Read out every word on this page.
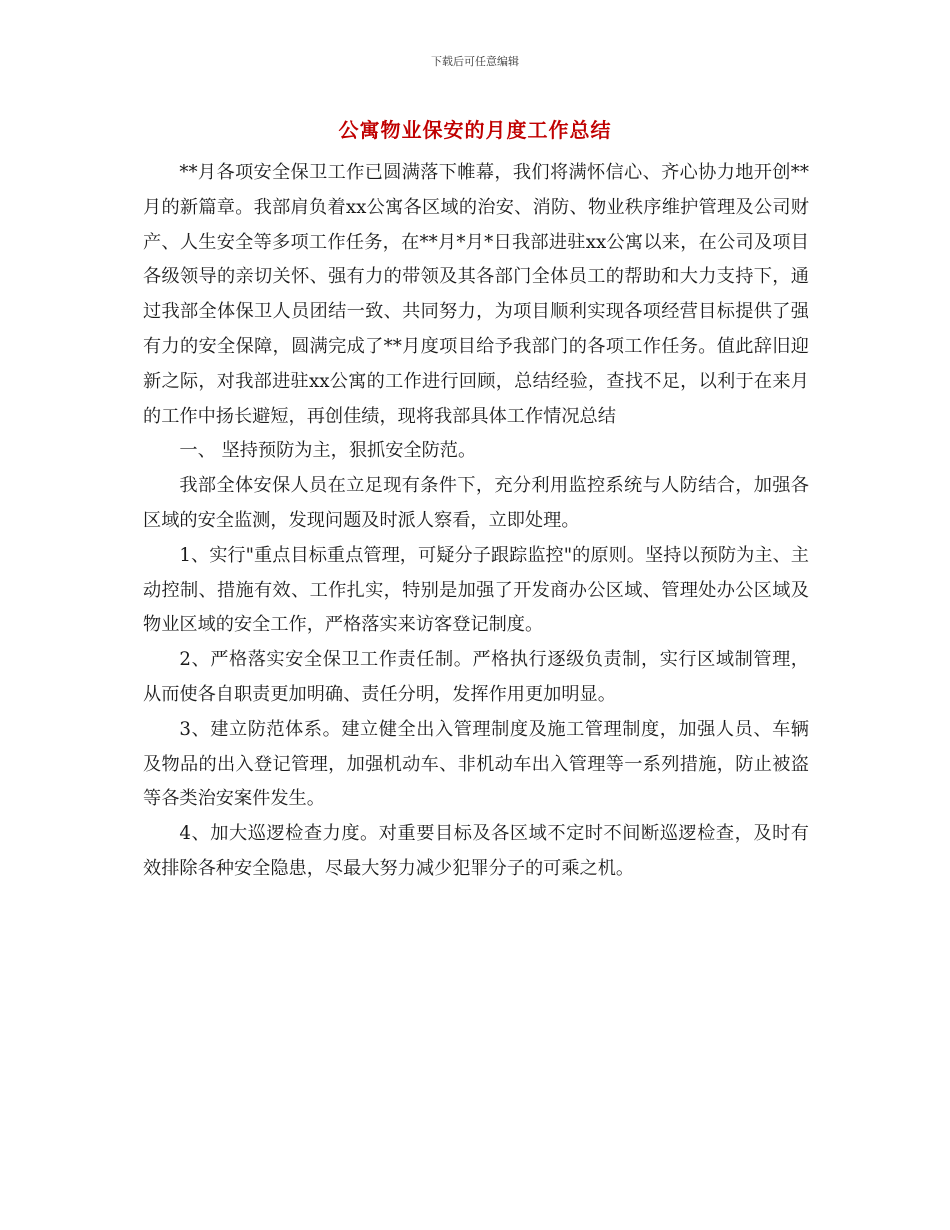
下载后可任意编辑
公寓物业保安的月度工作总结

**月各项安全保卫工作已圆满落下帷幕，我们将满怀信心、齐心协力地开创**月的新篇章。我部肩负着xx公寓各区域的治安、消防、物业秩序维护管理及公司财产、人生安全等多项工作任务，在**月*月*日我部进驻xx公寓以来，在公司及项目各级领导的亲切关怀、强有力的带领及其各部门全体员工的帮助和大力支持下，通过我部全体保卫人员团结一致、共同努力，为项目顺利实现各项经营目标提供了强有力的安全保障，圆满完成了**月度项目给予我部门的各项工作任务。值此辞旧迎新之际，对我部进驻xx公寓的工作进行回顾，总结经验，查找不足，以利于在来月的工作中扬长避短，再创佳绩，现将我部具体工作情况总结

一、 坚持预防为主，狠抓安全防范。

我部全体安保人员在立足现有条件下，充分利用监控系统与人防结合，加强各区域的安全监测，发现问题及时派人察看，立即处理。

1、实行"重点目标重点管理，可疑分子跟踪监控"的原则。坚持以预防为主、主动控制、措施有效、工作扎实，特别是加强了开发商办公区域、管理处办公区域及物业区域的安全工作，严格落实来访客登记制度。

2、严格落实安全保卫工作责任制。严格执行逐级负责制，实行区域制管理，从而使各自职责更加明确、责任分明，发挥作用更加明显。

3、建立防范体系。建立健全出入管理制度及施工管理制度，加强人员、车辆及物品的出入登记管理，加强机动车、非机动车出入管理等一系列措施，防止被盗等各类治安案件发生。

4、加大巡逻检查力度。对重要目标及各区域不定时不间断巡逻检查，及时有效排除各种安全隐患，尽最大努力减少犯罪分子的可乘之机。
